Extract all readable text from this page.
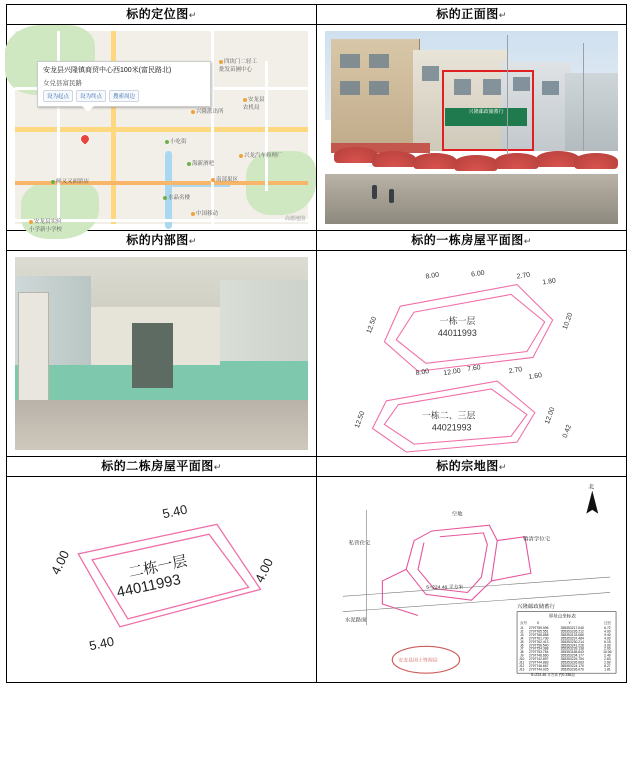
标的定位图↵	标的正面图↵

安龙县兴隆镇商贸中心西100米(富民路北)
女兑县富民路
设为起点	设为终点	搜索周边
四块门二轻工
批发苗圃中心
兴隆派出所
安龙县
农机局
海新酒吧
小吃街
中国移动
南部果区
水晶名楼
兴龙汽车修理厂
鲜又又面馆店
安龙县实验
小学新小学校
高德地图

兴隆邮政储蓄行

标的内部图↵	标的一栋房屋平面图↵

8.00	6.00	2.70
1.80
12.50	10.20
12.00
一栋一层
44011993
8.00	7.60	2.70
1.60
12.50	12.00
0.42
一栋二、三层
44021993

标的二栋房屋平面图↵	标的宗地图↵

5.40
4.00
5.40
4.00
二栋一层
44011993

北
空地
私营住宅
镇清学位宅
兴隆邮政储蓄行
水泥路面
S=224.46 平方米
界址点坐标表
点号	X	Y	边长
J1 2797759.996	355353217.040	6.72
J2 2797765.551	355353226.212	4.00
J3 2797768.858	355353133.080	9.40
J4 2797761.730	355353237.484	4.00
J5 2797762.413	355353230.214	6.15
J6 2797756.540	355353241.226	3.00
J7 2797754.388	355353239.138	2.00
J8 2797753.754	355353185.843	10.06
J9 2797746.660	355353234.177	2.40
J10 2797742.897	355353229.754	2.63
J11 2797744.883	355353226.083	2.60
J12 2797746.667	355353224.170	8.27
J13 2797749.925	355353226.070	1.81
S=224.46 平方米 约0.336亩
安龙县国土资源局
